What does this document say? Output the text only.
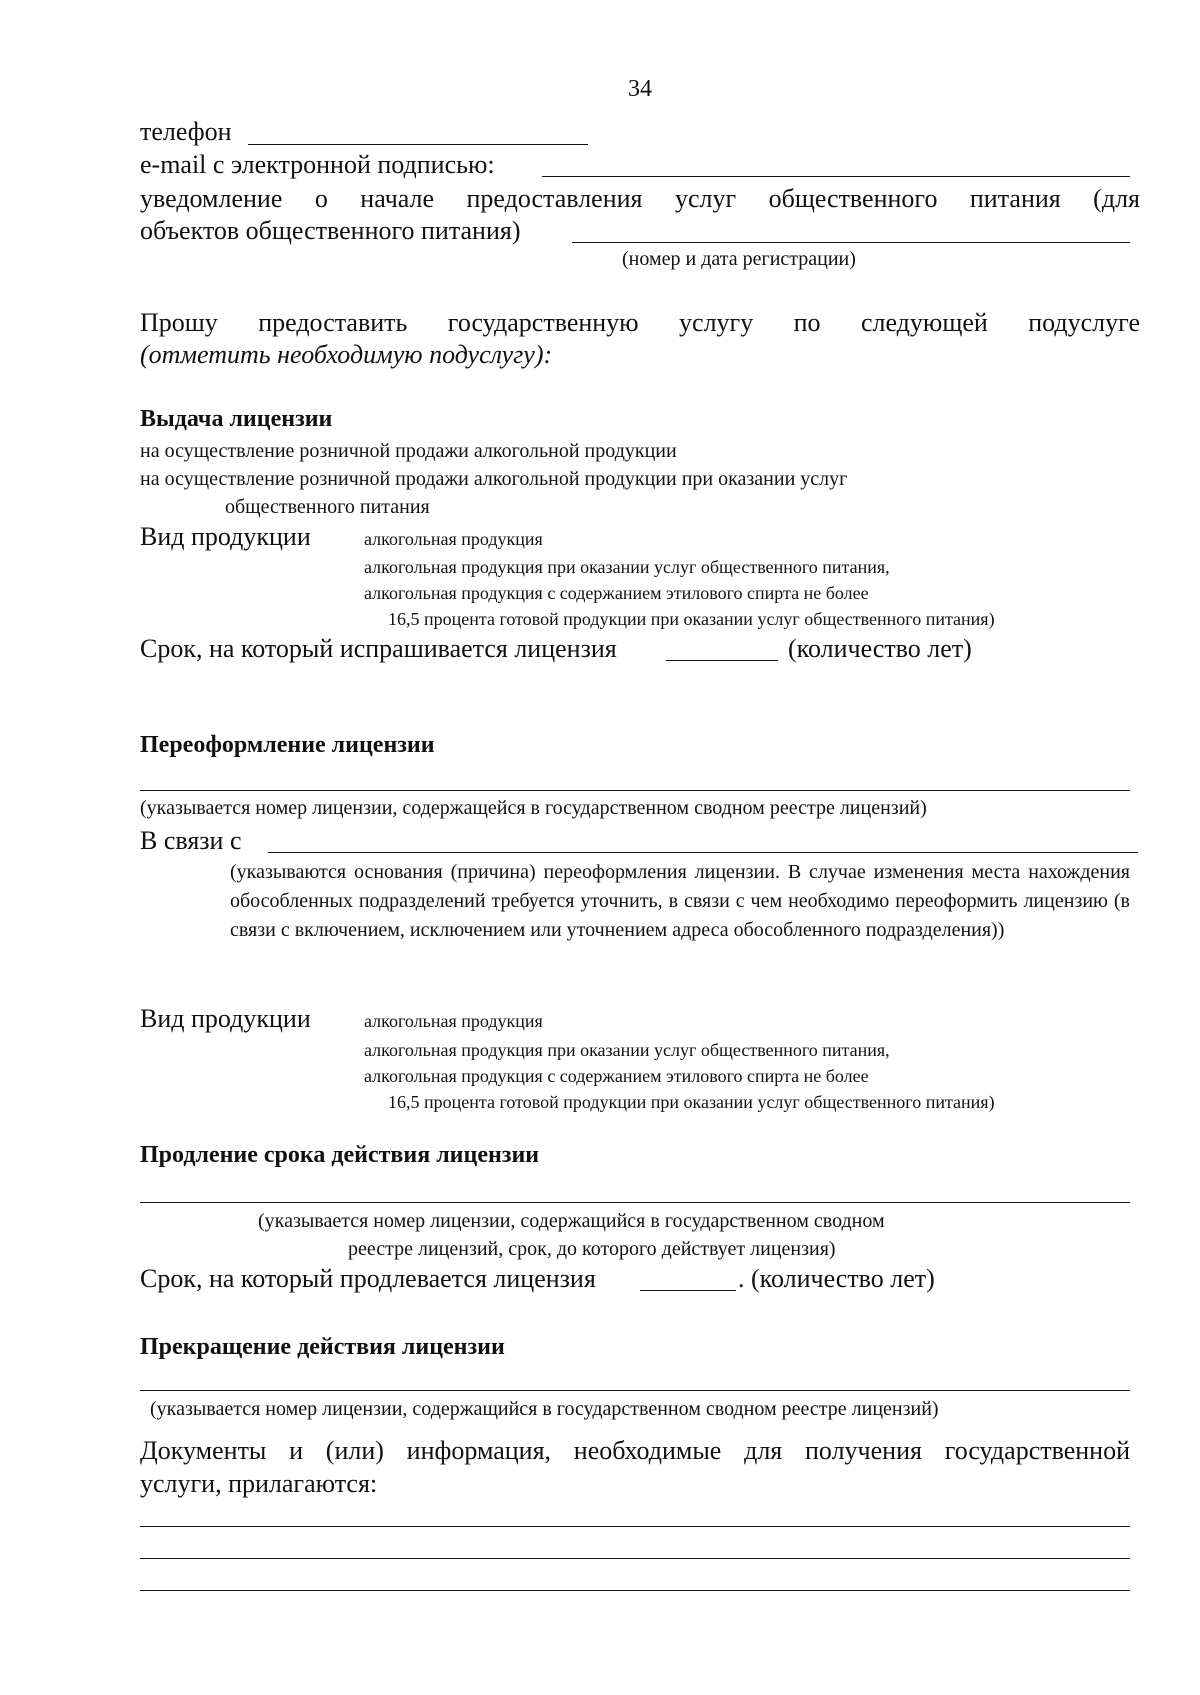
34
телефон
e-mail с электронной подписью:
уведомление о начале предоставления услуг общественного питания (для
объектов общественного питания)
(номер и дата регистрации)
Прошу предоставить государственную услугу по следующей подуслуге
(отметить необходимую подуслугу):
Выдача лицензии
на осуществление розничной продажи алкогольной продукции
на осуществление розничной продажи алкогольной продукции при оказании услуг
общественного питания
Вид продукции	алкогольная продукция
алкогольная продукция при оказании услуг общественного питания,
алкогольная продукция с содержанием этилового спирта не более
16,5 процента готовой продукции при оказании услуг общественного питания)
Срок, на который испрашивается лицензия	(количество лет)
Переоформление лицензии
(указывается номер лицензии, содержащейся в государственном сводном реестре лицензий)
В связи с
(указываются основания (причина) переоформления лицензии. В случае изменения места нахождения обособленных подразделений требуется уточнить, в связи с чем необходимо переоформить лицензию (в связи с включением, исключением или уточнением адреса обособленного подразделения))
Вид продукции	алкогольная продукция
алкогольная продукция при оказании услуг общественного питания,
алкогольная продукция с содержанием этилового спирта не более
16,5 процента готовой продукции при оказании услуг общественного питания)
Продление срока действия лицензии
(указывается номер лицензии, содержащийся в государственном сводном
реестре лицензий, срок, до которого действует лицензия)
Срок, на который продлевается лицензия	. (количество лет)
Прекращение действия лицензии
(указывается номер лицензии, содержащийся в государственном сводном реестре лицензий)
Документы и (или) информация, необходимые для получения государственной
услуги, прилагаются:
